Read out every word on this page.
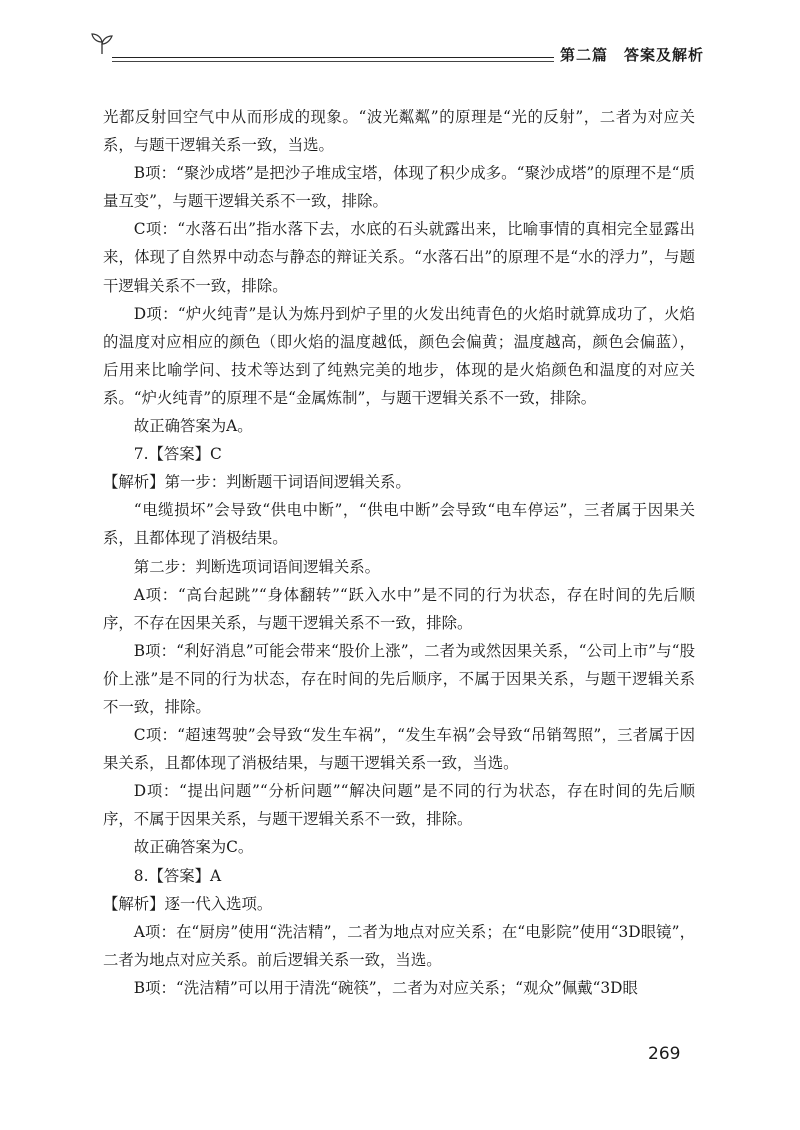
第二篇　答案及解析

光都反射回空气中从而形成的现象。“波光粼粼”的原理是“光的反射”，二者为对应关系，与题干逻辑关系一致，当选。

B项：“聚沙成塔”是把沙子堆成宝塔，体现了积少成多。“聚沙成塔”的原理不是“质量互变”，与题干逻辑关系不一致，排除。

C项：“水落石出”指水落下去，水底的石头就露出来，比喻事情的真相完全显露出来，体现了自然界中动态与静态的辩证关系。“水落石出”的原理不是“水的浮力”，与题干逻辑关系不一致，排除。

D项：“炉火纯青”是认为炼丹到炉子里的火发出纯青色的火焰时就算成功了，火焰的温度对应相应的颜色（即火焰的温度越低，颜色会偏黄；温度越高，颜色会偏蓝），后用来比喻学问、技术等达到了纯熟完美的地步，体现的是火焰颜色和温度的对应关系。“炉火纯青”的原理不是“金属炼制”，与题干逻辑关系不一致，排除。

故正确答案为A。

7.【答案】C

【解析】第一步：判断题干词语间逻辑关系。

“电缆损坏”会导致“供电中断”，“供电中断”会导致“电车停运”，三者属于因果关系，且都体现了消极结果。

第二步：判断选项词语间逻辑关系。

A项：“高台起跳”“身体翻转”“跃入水中”是不同的行为状态，存在时间的先后顺序，不存在因果关系，与题干逻辑关系不一致，排除。

B项：“利好消息”可能会带来“股价上涨”，二者为或然因果关系，“公司上市”与“股价上涨”是不同的行为状态，存在时间的先后顺序，不属于因果关系，与题干逻辑关系不一致，排除。

C项：“超速驾驶”会导致“发生车祸”，“发生车祸”会导致“吊销驾照”，三者属于因果关系，且都体现了消极结果，与题干逻辑关系一致，当选。

D项：“提出问题”“分析问题”“解决问题”是不同的行为状态，存在时间的先后顺序，不属于因果关系，与题干逻辑关系不一致，排除。

故正确答案为C。

8.【答案】A

【解析】逐一代入选项。

A项：在“厨房”使用“洗洁精”，二者为地点对应关系；在“电影院”使用“3D眼镜”，二者为地点对应关系。前后逻辑关系一致，当选。

B项：“洗洁精”可以用于清洗“碗筷”，二者为对应关系；“观众”佩戴“3D眼

269
